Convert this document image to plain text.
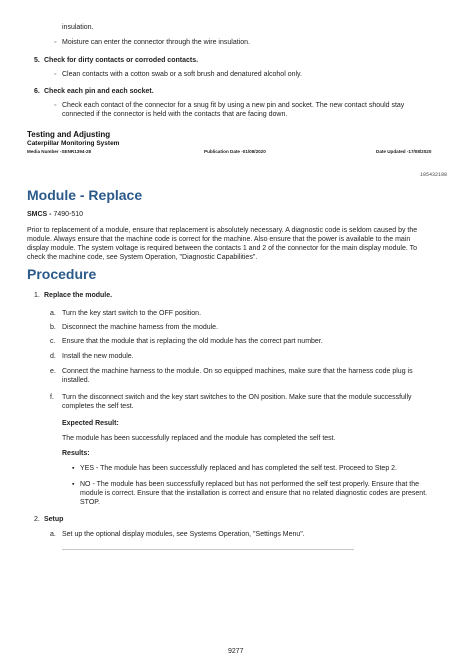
insulation.
◦ Moisture can enter the connector through the wire insulation.
5. Check for dirty contacts or corroded contacts.
◦ Clean contacts with a cotton swab or a soft brush and denatured alcohol only.
6. Check each pin and each socket.
◦ Check each contact of the connector for a snug fit by using a new pin and socket. The new contact should stay
connected if the connector is held with the contacts that are facing down.
Testing and Adjusting
Caterpillar Monitoring System
Media Number -SENR1394-28	Publication Date -01/08/2020	Date Updated -17/08/2020
i05432198
Module - Replace
SMCS - 7490-510
Prior to replacement of a module, ensure that replacement is absolutely necessary. A diagnostic code is seldom caused by the
module. Always ensure that the machine code is correct for the machine. Also ensure that the power is available to the main
display module. The system voltage is required between the contacts 1 and 2 of the connector for the main display module. To
check the machine code, see System Operation, "Diagnostic Capabilities".
Procedure
1. Replace the module.
a. Turn the key start switch to the OFF position.
b. Disconnect the machine harness from the module.
c. Ensure that the module that is replacing the old module has the correct part number.
d. Install the new module.
e. Connect the machine harness to the module. On so equipped machines, make sure that the harness code plug is
installed.
f. Turn the disconnect switch and the key start switches to the ON position. Make sure that the module successfully
completes the self test.
Expected Result:
The module has been successfully replaced and the module has completed the self test.
Results:
▪ YES - The module has been successfully replaced and has completed the self test. Proceed to Step 2.
▪ NO - The module has been successfully replaced but has not performed the self test properly. Ensure that the
module is correct. Ensure that the installation is correct and ensure that no related diagnostic codes are present.
STOP.
2. Setup
a. Set up the optional display modules, see Systems Operation, "Settings Menu".
9277
